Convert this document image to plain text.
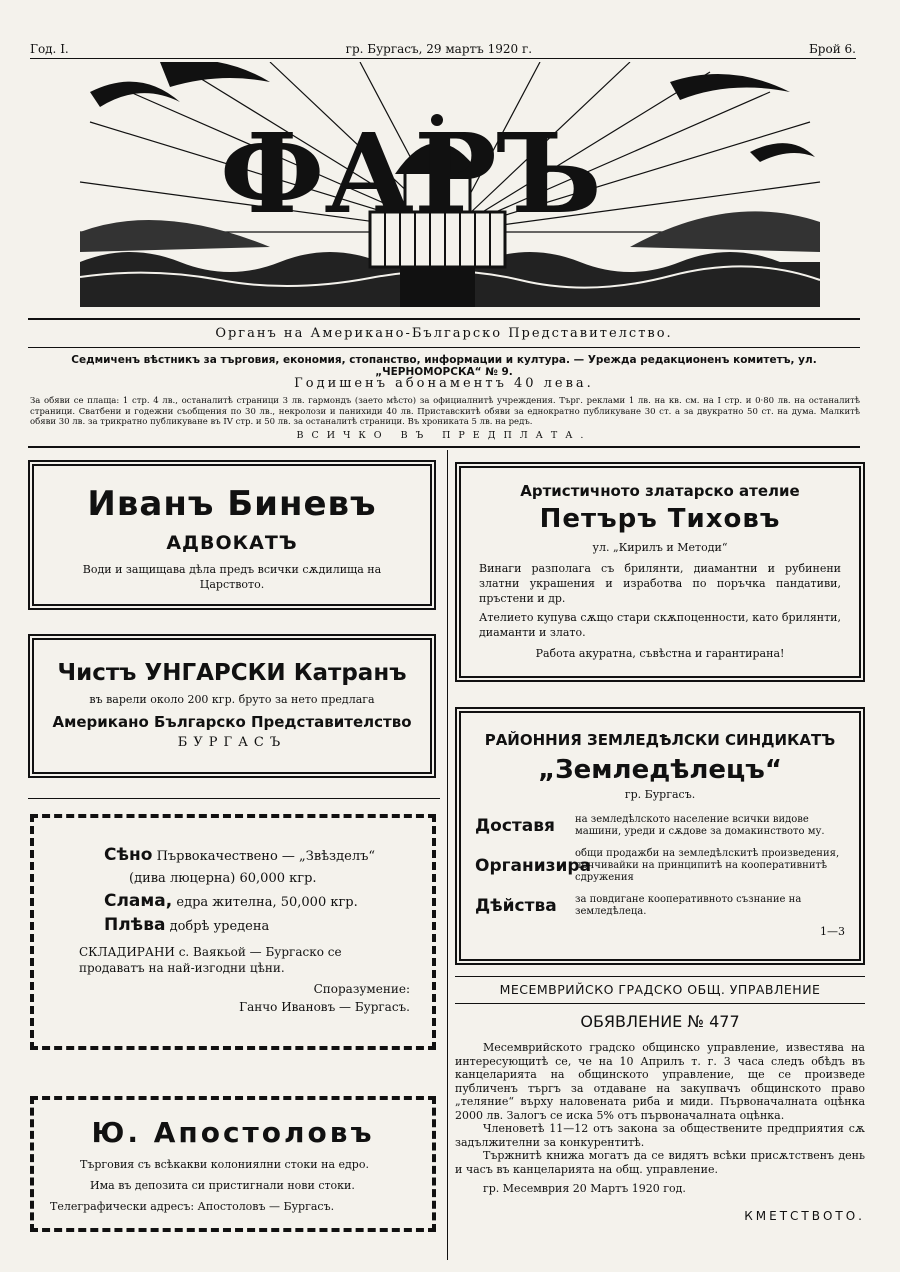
Год. I.	гр. Бургасъ, 29 мартъ 1920 г.	Брой 6.
ФАРЪ
Органъ на Американо-Българско Представителство.
Седмиченъ вѣстникъ за търговия, економия, стопанство, информации и култура. — Уреждa редакционенъ комитетъ, ул. „ЧЕРНОМОРСКА“ № 9.
Годишенъ абонаментъ 40 лева.
За обяви се плаща: 1 стр. 4 лв., останалитѣ страници 3 лв. гармондъ (заето мѣсто) за официалнитѣ учреждения. Търг. реклами 1 лв. на кв. см. на I стр. и 0·80 лв. на останалитѣ страници. Сватбени и годежни съобщения по 30 лв., некролози и панихиди 40 лв. Приставскитѣ обяви за еднократно публикуване 30 ст. а за двукратно 50 ст. на дума. Малкитѣ обяви 30 лв. за трикратно публикуване въ IV стр. и 50 лв. за останалитѣ страници. Въ хрониката 5 лв. на редъ.
ВСИЧКО ВЪ ПРЕДПЛАТА.
Иванъ Биневъ
АДВОКАТЪ
Води и защищава дѣла предъ всички сѫдилища на Царството.
Чистъ УНГАРСКИ Катранъ
въ варели около 200 кгр. бруто за нето предлага
Американо Българско Представителство
БУРГАСЪ
Сѣно Първокачествено — „Звѣзделъ“
(дива люцерна) 60,000 кгр.
Слама, едра жителна, 50,000 кгр.
Плѣва добрѣ уредена
СКЛАДИРАНИ с. Ваякьой — Бургаско се продаватъ на най-изгодни цѣни.
Споразумение:
Ганчо Ивановъ — Бургасъ.
Ю. Апостоловъ
Търговия съ всѣкакви колониялни стоки на едро.
Има въ депозита си пристигнали нови стоки.
Телеграфически адресъ: Апостоловъ — Бургасъ.
Артистичното златарско ателие
Петъръ Тиховъ
ул. „Кирилъ и Методи“
Винаги разполага съ брилянти, диамантни и рубинени златни украшения и изработва по поръчка пандативи, пръстени и др.
Ателието купува сѫщо стари скѫпоценности, като брилянти, диаманти и злато.
Работа акуратна, съвѣстна и гарантирана!
РАЙОННИЯ ЗЕМЛЕДѢЛСКИ СИНДИКАТЪ
„Земледѣлецъ“
гр. Бургасъ.
Доставя	на земледѣлското население всички видове машини, уреди и сѫдове за домакинството му.
Организира
общи продажби на земледѣлскитѣ произведения, поччивайки на принципитѣ на кооперативнитѣ сдружения
Дѣйства	за повдигане кооперативното съзнание на земледѣлеца.
1—3
МЕСЕМВРИЙСКО ГРАДСКО ОБЩ. УПРАВЛЕНИЕ
ОБЯВЛЕНИЕ № 477
Месемврийското градско общинско управление, известява на интересующитѣ се, че на 10 Априлъ т. г. 3 часа следъ обѣдъ въ канцеларията на общинското управление, ще се произведе публиченъ търгъ за отдаване на закупвачъ общинското право „теляние“ върху наловената риба и миди. Първоначалната оцѣнка 2000 лв. Залогъ се иска 5% отъ първоначалната оцѣнка.
Членоветѣ 11—12 отъ закона за обществените предприятия сѫ задължителни за конкурентитѣ.
Тържнитѣ книжа могатъ да се видятъ всѣки присѫтственъ день и часъ въ канцеларията на общ. управление.
гр. Месемврия 20 Мартъ 1920 год.
КМЕТСТВОТО.
